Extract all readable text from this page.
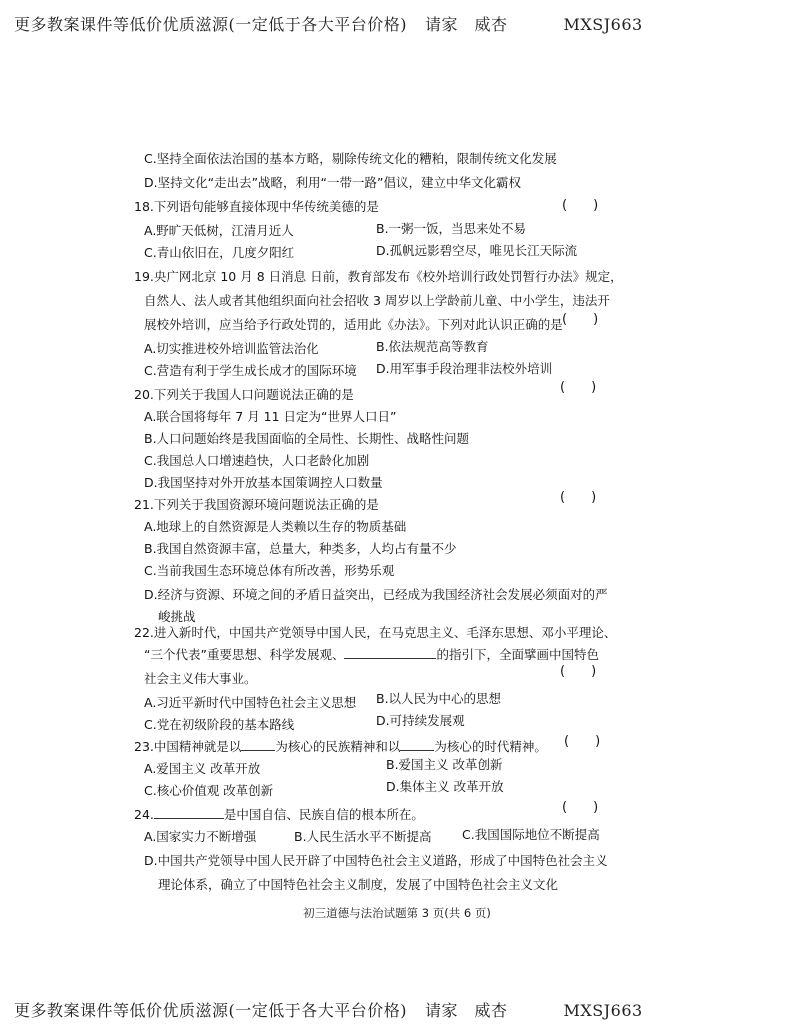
更多教案课件等低价优质滋源(一定低于各大平台价格) 请家　威杏	MXSJ663
C.坚持全面依法治国的基本方略，剔除传统文化的糟粕，限制传统文化发展
D.坚持文化“走出去”战略，利用“一带一路”倡议，建立中华文化霸权
18.下列语句能够直接体现中华传统美德的是	(　　)
A.野旷天低树，江清月近人	B.一粥一饭，当思来处不易
C.青山依旧在，几度夕阳红	D.孤帆远影碧空尽，唯见长江天际流
19.央广网北京 10 月 8 日消息 日前，教育部发布《校外培训行政处罚暂行办法》规定，
自然人、法人或者其他组织面向社会招收 3 周岁以上学龄前儿童、中小学生，违法开
展校外培训，应当给予行政处罚的，适用此《办法》。下列对此认识正确的是 (　　)
A.切实推进校外培训监管法治化	B.依法规范高等教育
C.营造有利于学生成长成才的国际环境 D.用军事手段治理非法校外培训
20.下列关于我国人口问题说法正确的是	(　　)
A.联合国将每年 7 月 11 日定为“世界人口日”
B.人口问题始终是我国面临的全局性、长期性、战略性问题
C.我国总人口增速趋快，人口老龄化加剧
D.我国坚持对外开放基本国策调控人口数量
21.下列关于我国资源环境问题说法正确的是	(　　)
A.地球上的自然资源是人类赖以生存的物质基础
B.我国自然资源丰富，总量大，种类多，人均占有量不少
C.当前我国生态环境总体有所改善，形势乐观
D.经济与资源、环境之间的矛盾日益突出，已经成为我国经济社会发展必须面对的严
峻挑战
22.进入新时代，中国共产党领导中国人民，在马克思主义、毛泽东思想、邓小平理论、
“三个代表”重要思想、科学发展观、	的指引下，全面擘画中国特色
(　　)
社会主义伟大事业。
A.习近平新时代中国特色社会主义思想 B.以人民为中心的思想
C.党在初级阶段的基本路线	D.可持续发展观
23.中国精神就是以	为核心的民族精神和以	为核心的时代精神。 (　　)
A.爱国主义 改革开放	B.爱国主义 改革创新
C.核心价值观 改革创新	D.集体主义 改革开放
24.	是中国自信、民族自信的根本所在。	(　　)
A.国家实力不断增强	B.人民生活水平不断提高 C.我国国际地位不断提高
D.中国共产党领导中国人民开辟了中国特色社会主义道路，形成了中国特色社会主义
理论体系，确立了中国特色社会主义制度，发展了中国特色社会主义文化
初三道德与法治试题第 3 页(共 6 页)
更多教案课件等低价优质滋源(一定低于各大平台价格) 请家　威杏	MXSJ663
